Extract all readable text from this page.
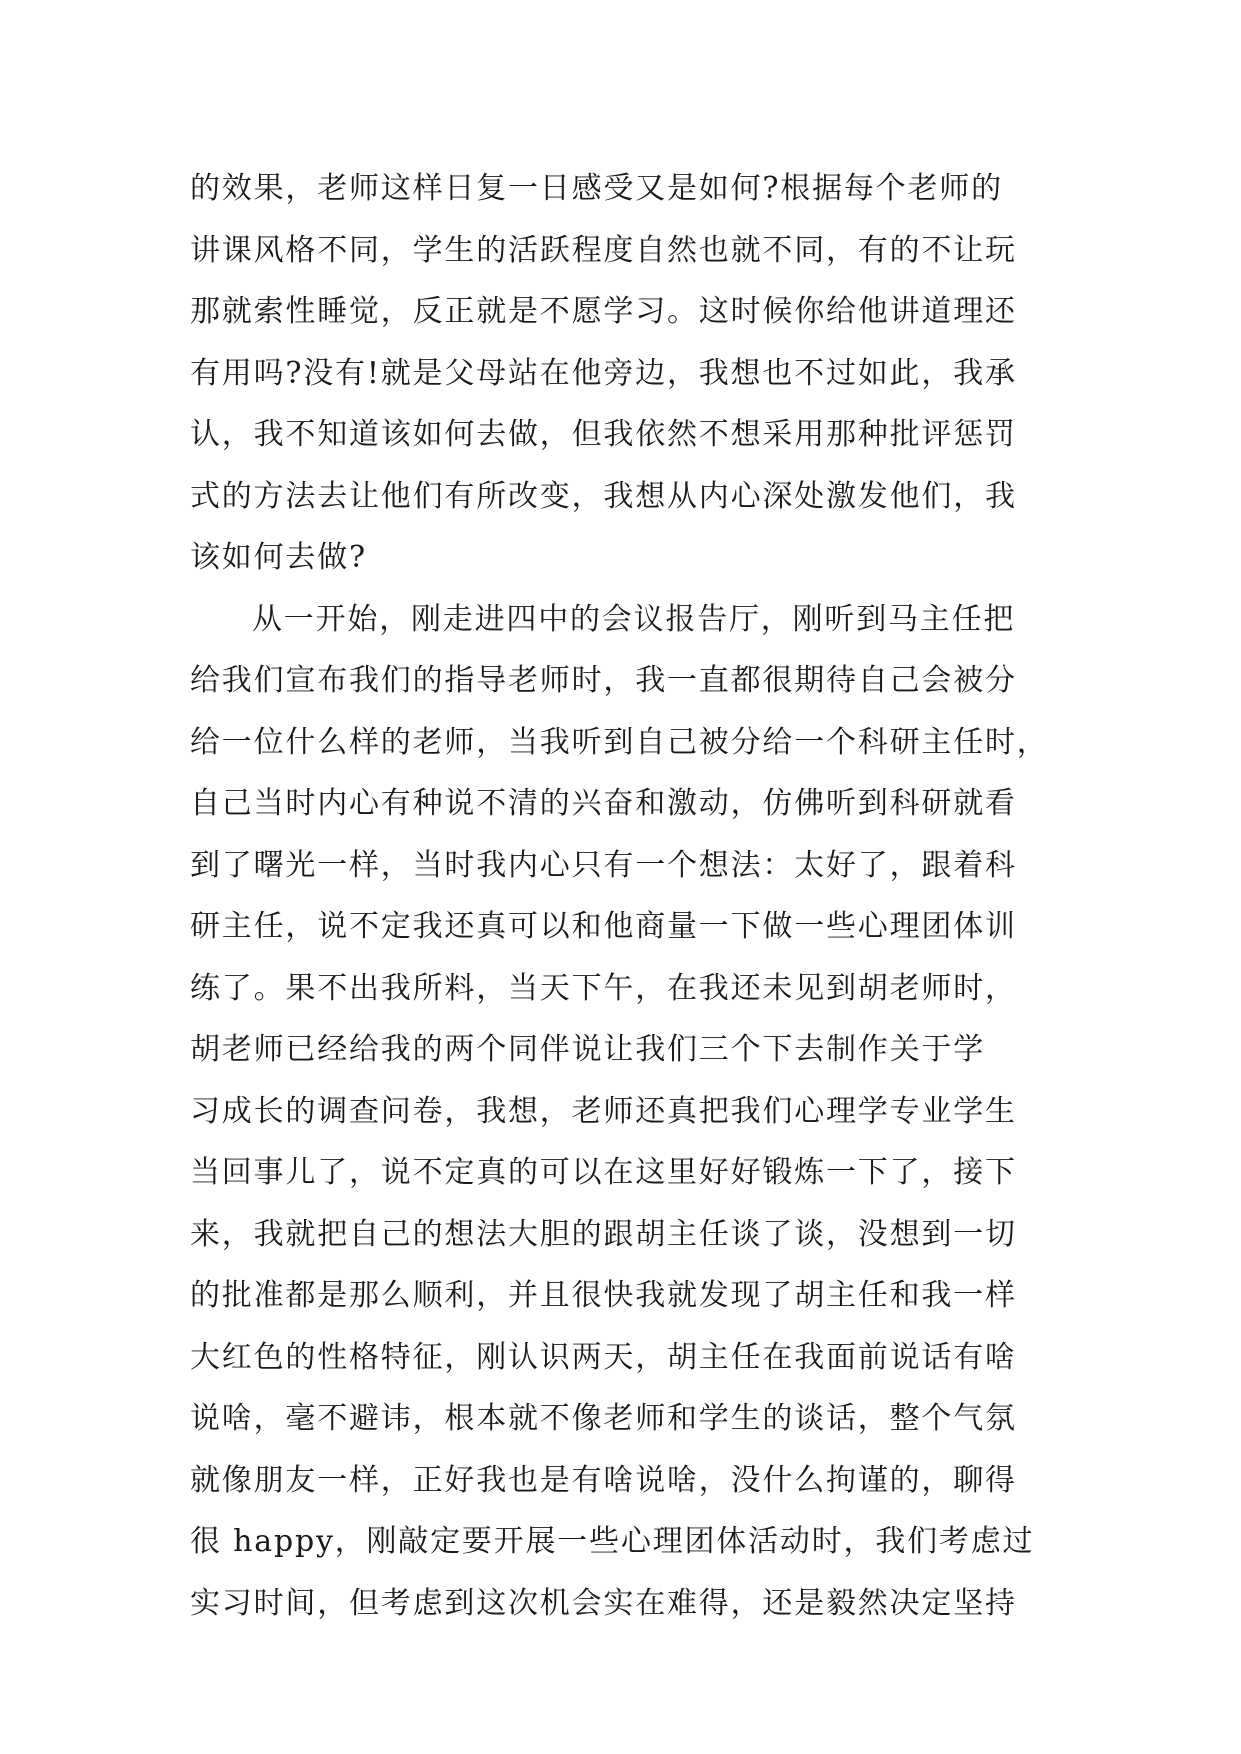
的效果，老师这样日复一日感受又是如何?根据每个老师的
讲课风格不同，学生的活跃程度自然也就不同，有的不让玩
那就索性睡觉，反正就是不愿学习。这时候你给他讲道理还
有用吗?没有!就是父母站在他旁边，我想也不过如此，我承
认，我不知道该如何去做，但我依然不想采用那种批评惩罚
式的方法去让他们有所改变，我想从内心深处激发他们，我
该如何去做?
从一开始，刚走进四中的会议报告厅，刚听到马主任把
给我们宣布我们的指导老师时，我一直都很期待自己会被分
给一位什么样的老师，当我听到自己被分给一个科研主任时，
自己当时内心有种说不清的兴奋和激动，仿佛听到科研就看
到了曙光一样，当时我内心只有一个想法：太好了，跟着科
研主任，说不定我还真可以和他商量一下做一些心理团体训
练了。果不出我所料，当天下午，在我还未见到胡老师时，
胡老师已经给我的两个同伴说让我们三个下去制作关于学
习成长的调查问卷，我想，老师还真把我们心理学专业学生
当回事儿了，说不定真的可以在这里好好锻炼一下了，接下
来，我就把自己的想法大胆的跟胡主任谈了谈，没想到一切
的批准都是那么顺利，并且很快我就发现了胡主任和我一样
大红色的性格特征，刚认识两天，胡主任在我面前说话有啥
说啥，毫不避讳，根本就不像老师和学生的谈话，整个气氛
就像朋友一样，正好我也是有啥说啥，没什么拘谨的，聊得
很 happy，刚敲定要开展一些心理团体活动时，我们考虑过
实习时间，但考虑到这次机会实在难得，还是毅然决定坚持
